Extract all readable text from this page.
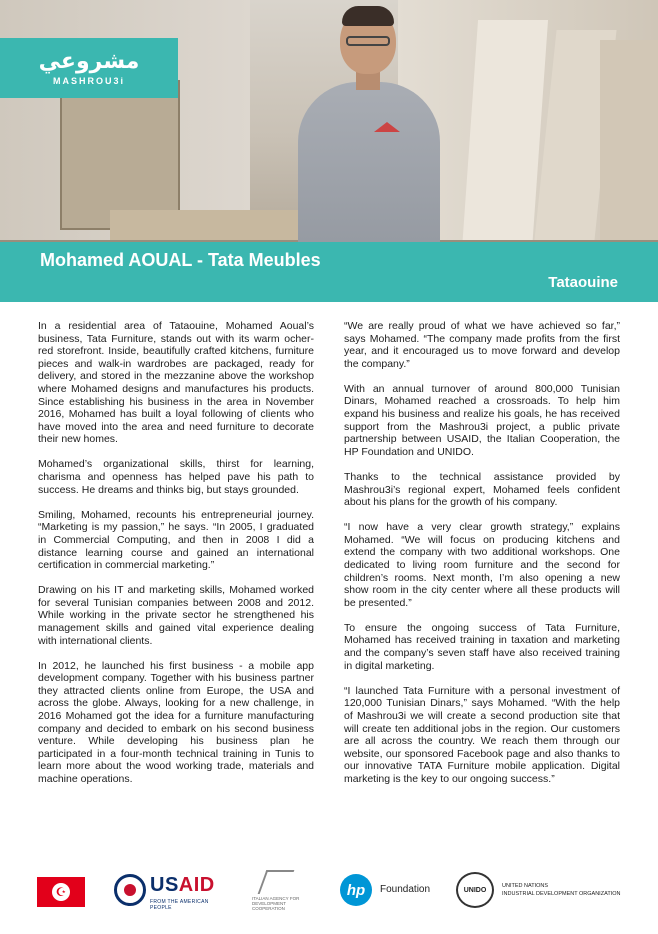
مشروعي
MASHROU3i
Mohamed AOUAL - Tata Meubles
Tataouine

In a residential area of Tataouine, Mohamed Aoual’s business, Tata Furniture, stands out with its warm ocher-red storefront. Inside, beautifully crafted kitchens, furniture pieces and walk-in wardrobes are packaged, ready for delivery, and stored in the mezzanine above the workshop where Mohamed designs and manufactures his products. Since establishing his business in the area in November 2016, Mohamed has built a loyal following of clients who have moved into the area and need furniture to decorate their new homes.

Mohamed’s organizational skills, thirst for learning, charisma and openness has helped pave his path to success. He dreams and thinks big, but stays grounded.

Smiling, Mohamed, recounts his entrepreneurial journey. “Marketing is my passion,” he says. “In 2005, I graduated in Commercial Computing, and then in 2008 I did a distance learning course and gained an international certification in commercial marketing.”

Drawing on his IT and marketing skills, Mohamed worked for several Tunisian companies between 2008 and 2012. While working in the private sector he strengthened his management skills and gained vital experience dealing with international clients.

In 2012, he launched his first business - a mobile app development company. Together with his business partner they attracted clients online from Europe, the USA and across the globe. Always, looking for a new challenge, in 2016 Mohamed got the idea for a furniture manufacturing company and decided to embark on his second business venture. While developing his business plan he participated in a four-month technical training in Tunis to learn more about the wood working trade, materials and machine operations.

“We are really proud of what we have achieved so far,” says Mohamed. “The company made profits from the first year, and it encouraged us to move forward and develop the company.”

With an annual turnover of around 800,000 Tunisian Dinars, Mohamed reached a crossroads. To help him expand his business and realize his goals, he has received support from the Mashrou3i project, a public private partnership between USAID, the Italian Cooperation, the HP Foundation and UNIDO.

Thanks to the technical assistance provided by Mashrou3i’s regional expert, Mohamed feels confident about his plans for the growth of his company.

“I now have a very clear growth strategy,” explains Mohamed. “We will focus on producing kitchens and extend the company with two additional workshops. One dedicated to living room furniture and the second for children’s rooms. Next month, I’m also opening a new show room in the city center where all these products will be presented.”

To ensure the ongoing success of Tata Furniture, Mohamed has received training in taxation and marketing and the company’s seven staff have also received training in digital marketing.

“I launched Tata Furniture with a personal investment of 120,000 Tunisian Dinars,” says Mohamed. “With the help of Mashrou3i we will create a second production site that will create ten additional jobs in the region. Our customers are all across the country. We reach them through our website, our sponsored Facebook page and also thanks to our innovative TATA Furniture mobile application. Digital marketing is the key to our ongoing success.”

☪	USAID
FROM THE AMERICAN PEOPLE
ITALIAN AGENCY FOR DEVELOPMENT COOPERATION
hp	Foundation	UNIDO
UNITED NATIONS
INDUSTRIAL DEVELOPMENT ORGANIZATION
